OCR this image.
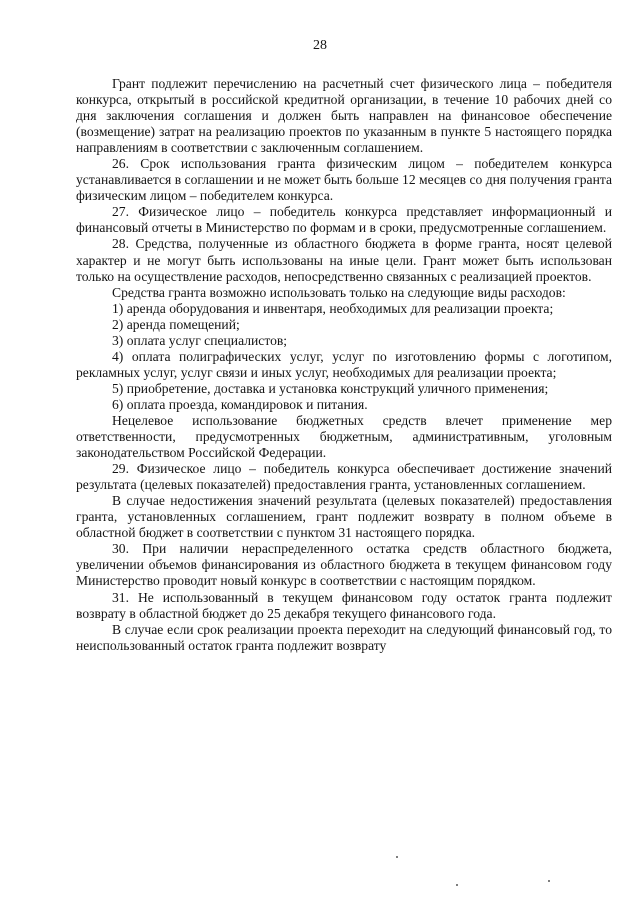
28

Грант подлежит перечислению на расчетный счет физического лица – победителя конкурса, открытый в российской кредитной организации, в течение 10 рабочих дней со дня заключения соглашения и должен быть направлен на финансовое обеспечение (возмещение) затрат на реализацию проектов по указанным в пункте 5 настоящего порядка направлениям в соответствии с заключенным соглашением.

26. Срок использования гранта физическим лицом – победителем конкурса устанавливается в соглашении и не может быть больше 12 месяцев со дня получения гранта физическим лицом – победителем конкурса.

27. Физическое лицо – победитель конкурса представляет информационный и финансовый отчеты в Министерство по формам и в сроки, предусмотренные соглашением.

28. Средства, полученные из областного бюджета в форме гранта, носят целевой характер и не могут быть использованы на иные цели. Грант может быть использован только на осуществление расходов, непосредственно связанных с реализацией проектов.

Средства гранта возможно использовать только на следующие виды расходов:

1) аренда оборудования и инвентаря, необходимых для реализации проекта;

2) аренда помещений;

3) оплата услуг специалистов;

4) оплата полиграфических услуг, услуг по изготовлению формы с логотипом, рекламных услуг, услуг связи и иных услуг, необходимых для реализации проекта;

5) приобретение, доставка и установка конструкций уличного применения;

6) оплата проезда, командировок и питания.

Нецелевое использование бюджетных средств влечет применение мер ответственности, предусмотренных бюджетным, административным, уголовным законодательством Российской Федерации.

29. Физическое лицо – победитель конкурса обеспечивает достижение значений результата (целевых показателей) предоставления гранта, установленных соглашением.

В случае недостижения значений результата (целевых показателей) предоставления гранта, установленных соглашением, грант подлежит возврату в полном объеме в областной бюджет в соответствии с пунктом 31 настоящего порядка.

30. При наличии нераспределенного остатка средств областного бюджета, увеличении объемов финансирования из областного бюджета в текущем финансовом году Министерство проводит новый конкурс в соответствии с настоящим порядком.

31. Не использованный в текущем финансовом году остаток гранта подлежит возврату в областной бюджет до 25 декабря текущего финансового года.

В случае если срок реализации проекта переходит на следующий финансовый год, то неиспользованный остаток гранта подлежит возврату
